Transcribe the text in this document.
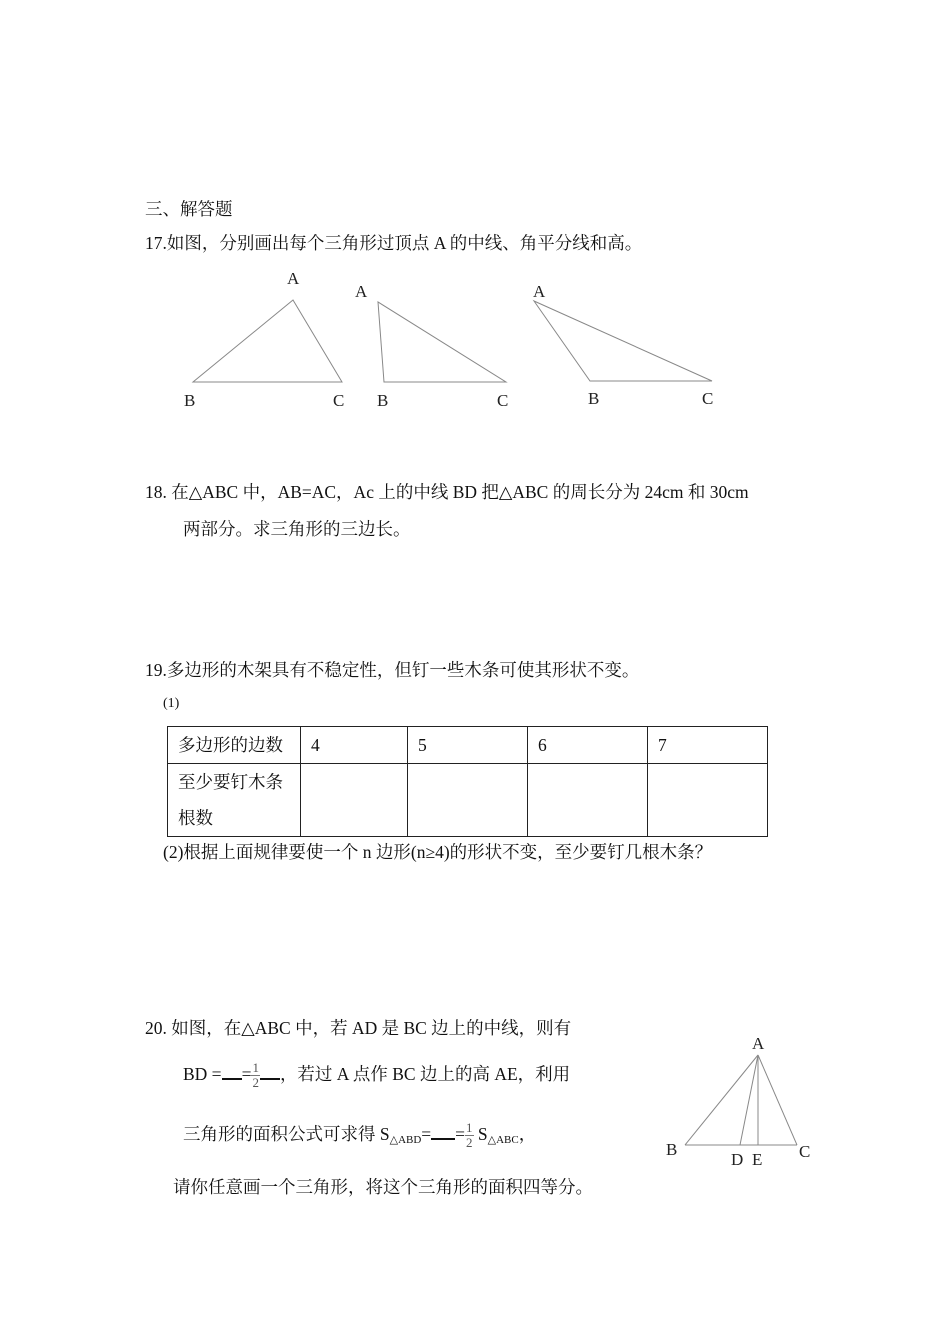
三、解答题
17.如图，分别画出每个三角形过顶点 A 的中线、角平分线和高。
A
B	C
A
B	C
A
B	C
A
B	C
D E
18. 在△ABC 中，AB=AC，Ac 上的中线 BD 把△ABC 的周长分为 24cm 和 30cm
两部分。求三角形的三边长。
19.多边形的木架具有不稳定性，但钉一些木条可使其形状不变。
(1)
多边形的边数	4	5	6	7

至少要钉木条
根数				

(2)根据上面规律要使一个 n 边形(n≥4)的形状不变，至少要钉几根木条？
20. 如图，在△ABC 中，若 AD 是 BC 边上的中线，则有
BD = = $\frac{1}{2}$ ，若过 A 点作 BC 边上的高 AE，利用
三角形的面积公式可求得 $S_{\triangle ABD}= = \frac{1}{2} S_{\triangle ABC}$，
请你任意画一个三角形，将这个三角形的面积四等分。
